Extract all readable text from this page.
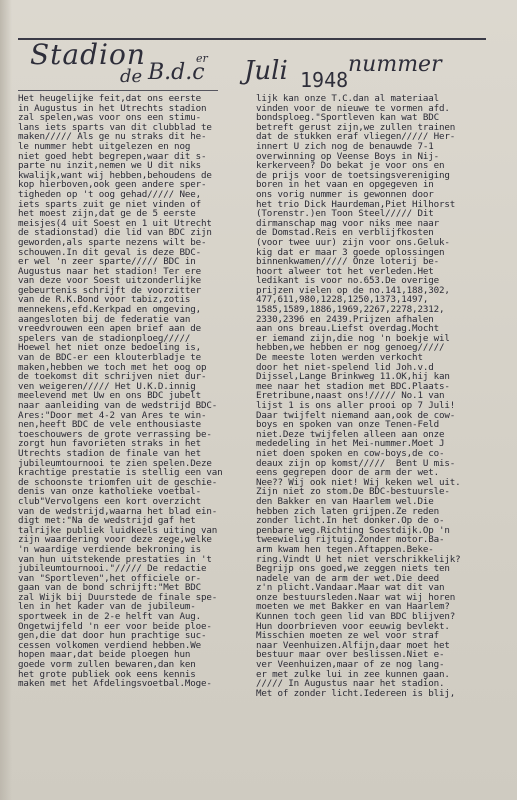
Stadion
de B.d.c
er Juli 1948
nummer
Het heugelijke feit,dat ons eerste
in Augustus in het Utrechts stadion
zal spelen,was voor ons een stimu-
lans iets sparts van dit clubblad te
maken///// Als ge nu straks dit he-
le nummer hebt uitgelezen en nog
niet goed hebt begrepen,waar dit s-
parte nu inzit,nemen we U dit niks
kwalijk,want wij hebben,behoudens de
kop hierboven,ook geen andere sper-
tigheden op 't oog gehad///// Nee,
iets sparts zuit ge niet vinden of
het moest zijn,dat ge de 5 eerste
meisjes(4 uit Soest en 1 uit Utrecht
de stadionstad) die lid van BDC zijn
geworden,als sparte nezens wilt be-
schouwen.In dit geval is deze BDC-
er wel 'n zeer sparte///// BDC in
Augustus naar het stadion! Ter ere
van deze voor Soest uitzonderlijke
gebeurtenis schrijft de voorzitter
van de R.K.Bond voor tabiz,zotis
mennekens,efd.Kerkpad en omgeving,
aangesloten bij de federatie van
vreedvrouwen een apen brief aan de
spelers van de stadionploeg/////
Hoewel het niet onze bedoeling is,
van de BDC-er een klouterbladje te
maken,hebben we toch met het oog op
de toekomst dit schrijven niet dur-
ven weigeren///// Het U.K.D.innig
meelevend met Uw en ons BDC jubelt
naar aanleiding van de wedstrijd BDC-
Ares:"Door met 4-2 van Ares te win-
nen,heeft BDC de vele enthousiaste
toeschouwers de grote verrassing be-
zorgt hun favorieten straks in het
Utrechts stadion de finale van het
jubileumtournooi te zien spelen.Deze
krachtige prestatie is stellig een van
de schoonste triomfen uit de geschie-
denis van onze katholieke voetbal-
club"Vervolgens een kort overzicht
van de wedstrijd,waarna het blad ein-
digt met:"Na de wedstrijd gaf het
talrijke publiek luidkeels uiting van
zijn waardering voor deze zege,welke
'n waardige verdiende bekroning is
van hun uitstekende prestaties in 't
jubileumtournooi."///// De redactie
van "Sportleven",het officiele or-
gaan van de bond schrijft:"Met BDC
zal Wijk bij Duurstede de finale spe-
len in het kader van de jubileum-
sportweek in de 2-e helft van Aug.
Ongetwijfeld 'n eer voor beide ploe-
gen,die dat door hun prachtige suc-
cessen volkomen verdiend hebben.We
hopen maar,dat beide ploegen hun
goede vorm zullen bewaren,dan ken
het grote publiek ook eens kennis
maken met het Afdelingsvoetbal.Moge-
lijk kan onze T.C.dan al materiaal
vinden voor de nieuwe te vormen afd.
bondsploeg."Sportleven kan wat BDC
betreft gerust zijn,we zullen trainen
dat de stukken eraf vliegen///// Her-
innert U zich nog de benauwde 7-1
overwinning op Veense Boys in Nij-
kerkerveen? Do bekat je voor ons en
de prijs voor de toetsingsvereniging
boren in het vaan en opgegeven in
ons vorig nummer is gewonnen door
het trio Dick Haurdeman,Piet Hilhorst
(Torenstr.)en Toon Steel///// Dit
dirmanschap mag voor niks mee naar
de Domstad.Reis en verblijfkosten
(voor twee uur) zijn voor ons.Geluk-
kig dat er maar 3 goede oplossingen
binnenkwamen///// Onze loterij be-
hoort alweer tot het verleden.Het
ledikant is voor no.653.De overige
prijzen vielen op de no.141,188,302,
477,611,980,1228,1250,1373,1497,
1585,1589,1886,1969,2267,2278,2312,
2330,2396 en 2439.Prijzen afhalen
aan ons breau.Liefst overdag.Mocht
er iemand zijn,die nog 'n boekje wil
hebben,we hebben er nog genoeg/////
De meeste loten werden verkocht
door het niet-spelend lid Joh.v.d
Dijssel,Lange Brinkweg 11.OK,hij kan
mee naar het stadion met BDC.Plaats-
Eretribune,naast ons!///// No.1 van
lijst 1 is ons aller prooi op 7 Juli!
Daar twijfelt niemand aan,ook de cow-
boys en spoken van onze Tenen-Feld
niet.Deze twijfelen alleen aan onze
mededeling in het Mei-nummer.Moet J
niet doen spoken en cow-boys,de co-
deaux zijn op komst/////  Bent U mis-
eens gegrepen door de arm der wet.
Nee?? Wij ook niet! Wij keken wel uit.
Zijn niet zo stom.De BDC-bestuursle-
den Bakker en van Haarlem wel.Die
hebben zich laten grijpen.Ze reden
zonder licht.In het donker.Op de o-
penbare weg.Richting Soestdijk.Op 'n
tweewielig rijtuig.Zonder motor.Ba-
arm kwam hen tegen.Aftappen.Beke-
ring.Vindt U het niet verschrikkelijk?
Begrijp ons goed,we zeggen niets ten
nadele van de arm der wet.Die deed
z'n plicht.Vandaar.Maar wat dit van
onze bestuursleden.Naar wat wij horen
moeten we met Bakker en van Haarlem?
Kunnen toch geen lid van BDC blijven?
Hun doorbrieven voor eeuwig bevlekt.
Misschien moeten ze wel voor straf
naar Veenhuizen.Alfijn,daar moet het
bestuur maar over beslissen.Niet e-
ver Veenhuizen,maar of ze nog lang-
er met zulke lui in zee kunnen gaan.
///// In Augustus naar het stadion.
Met of zonder licht.Iedereen is blij,
